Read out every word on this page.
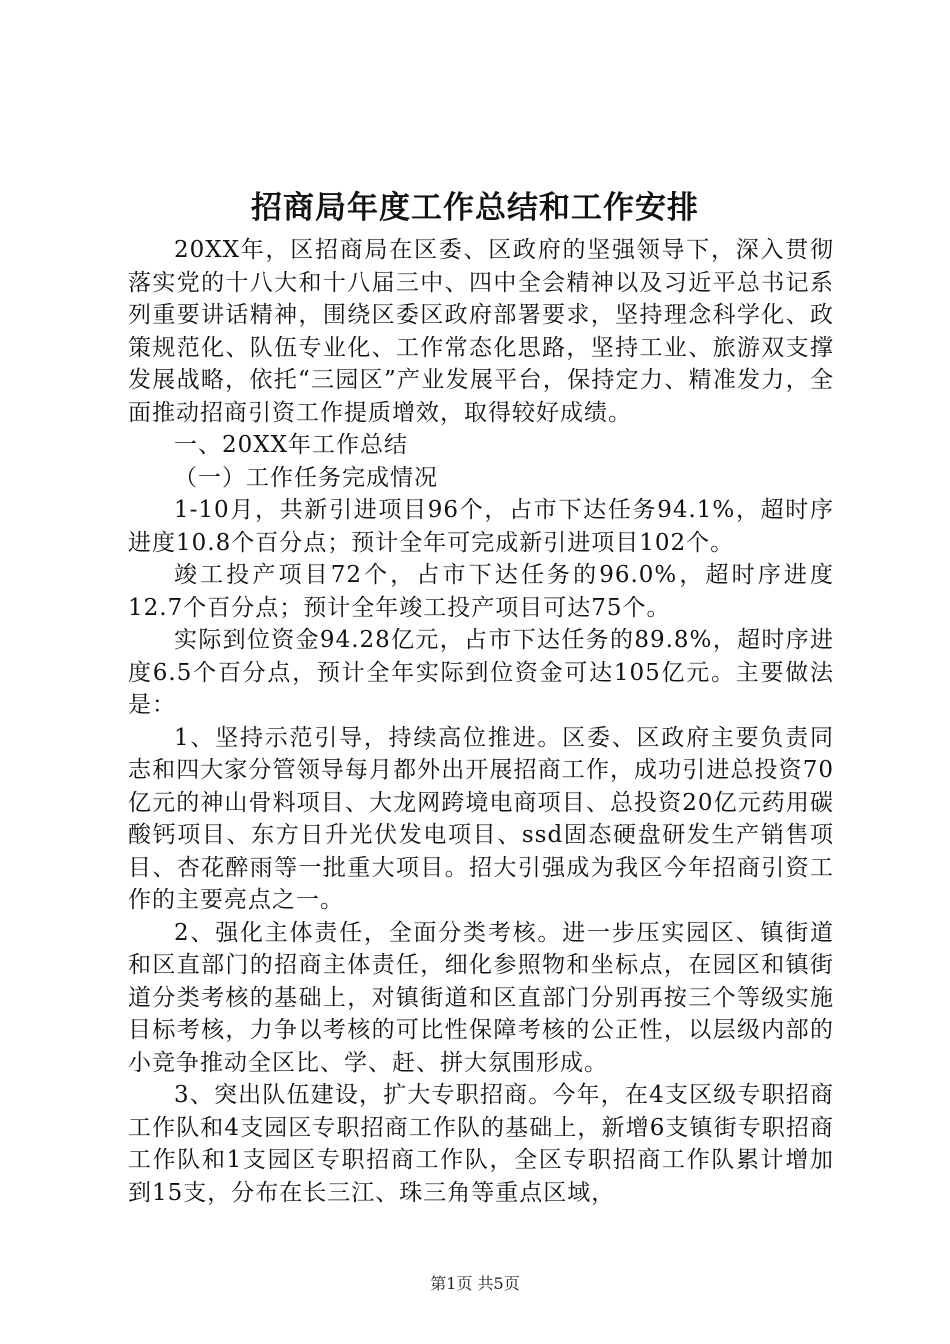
招商局年度工作总结和工作安排

20XX年，区招商局在区委、区政府的坚强领导下，深入贯彻落实党的十八大和十八届三中、四中全会精神以及习近平总书记系列重要讲话精神，围绕区委区政府部署要求，坚持理念科学化、政策规范化、队伍专业化、工作常态化思路，坚持工业、旅游双支撑发展战略，依托“三园区”产业发展平台，保持定力、精准发力，全面推动招商引资工作提质增效，取得较好成绩。

一、20XX年工作总结

（一）工作任务完成情况

1-10月，共新引进项目96个，占市下达任务94.1%，超时序进度10.8个百分点；预计全年可完成新引进项目102个。

竣工投产项目72个，占市下达任务的96.0%，超时序进度12.7个百分点；预计全年竣工投产项目可达75个。

实际到位资金94.28亿元，占市下达任务的89.8%，超时序进度6.5个百分点，预计全年实际到位资金可达105亿元。主要做法是：

1、坚持示范引导，持续高位推进。区委、区政府主要负责同志和四大家分管领导每月都外出开展招商工作，成功引进总投资70亿元的神山骨料项目、大龙网跨境电商项目、总投资20亿元药用碳酸钙项目、东方日升光伏发电项目、ssd固态硬盘研发生产销售项目、杏花醉雨等一批重大项目。招大引强成为我区今年招商引资工作的主要亮点之一。

2、强化主体责任，全面分类考核。进一步压实园区、镇街道和区直部门的招商主体责任，细化参照物和坐标点，在园区和镇街道分类考核的基础上，对镇街道和区直部门分别再按三个等级实施目标考核，力争以考核的可比性保障考核的公正性，以层级内部的小竞争推动全区比、学、赶、拼大氛围形成。

3、突出队伍建设，扩大专职招商。今年，在4支区级专职招商工作队和4支园区专职招商工作队的基础上，新增6支镇街专职招商工作队和1支园区专职招商工作队，全区专职招商工作队累计增加到15支，分布在长三江、珠三角等重点区域，

第1页 共5页
